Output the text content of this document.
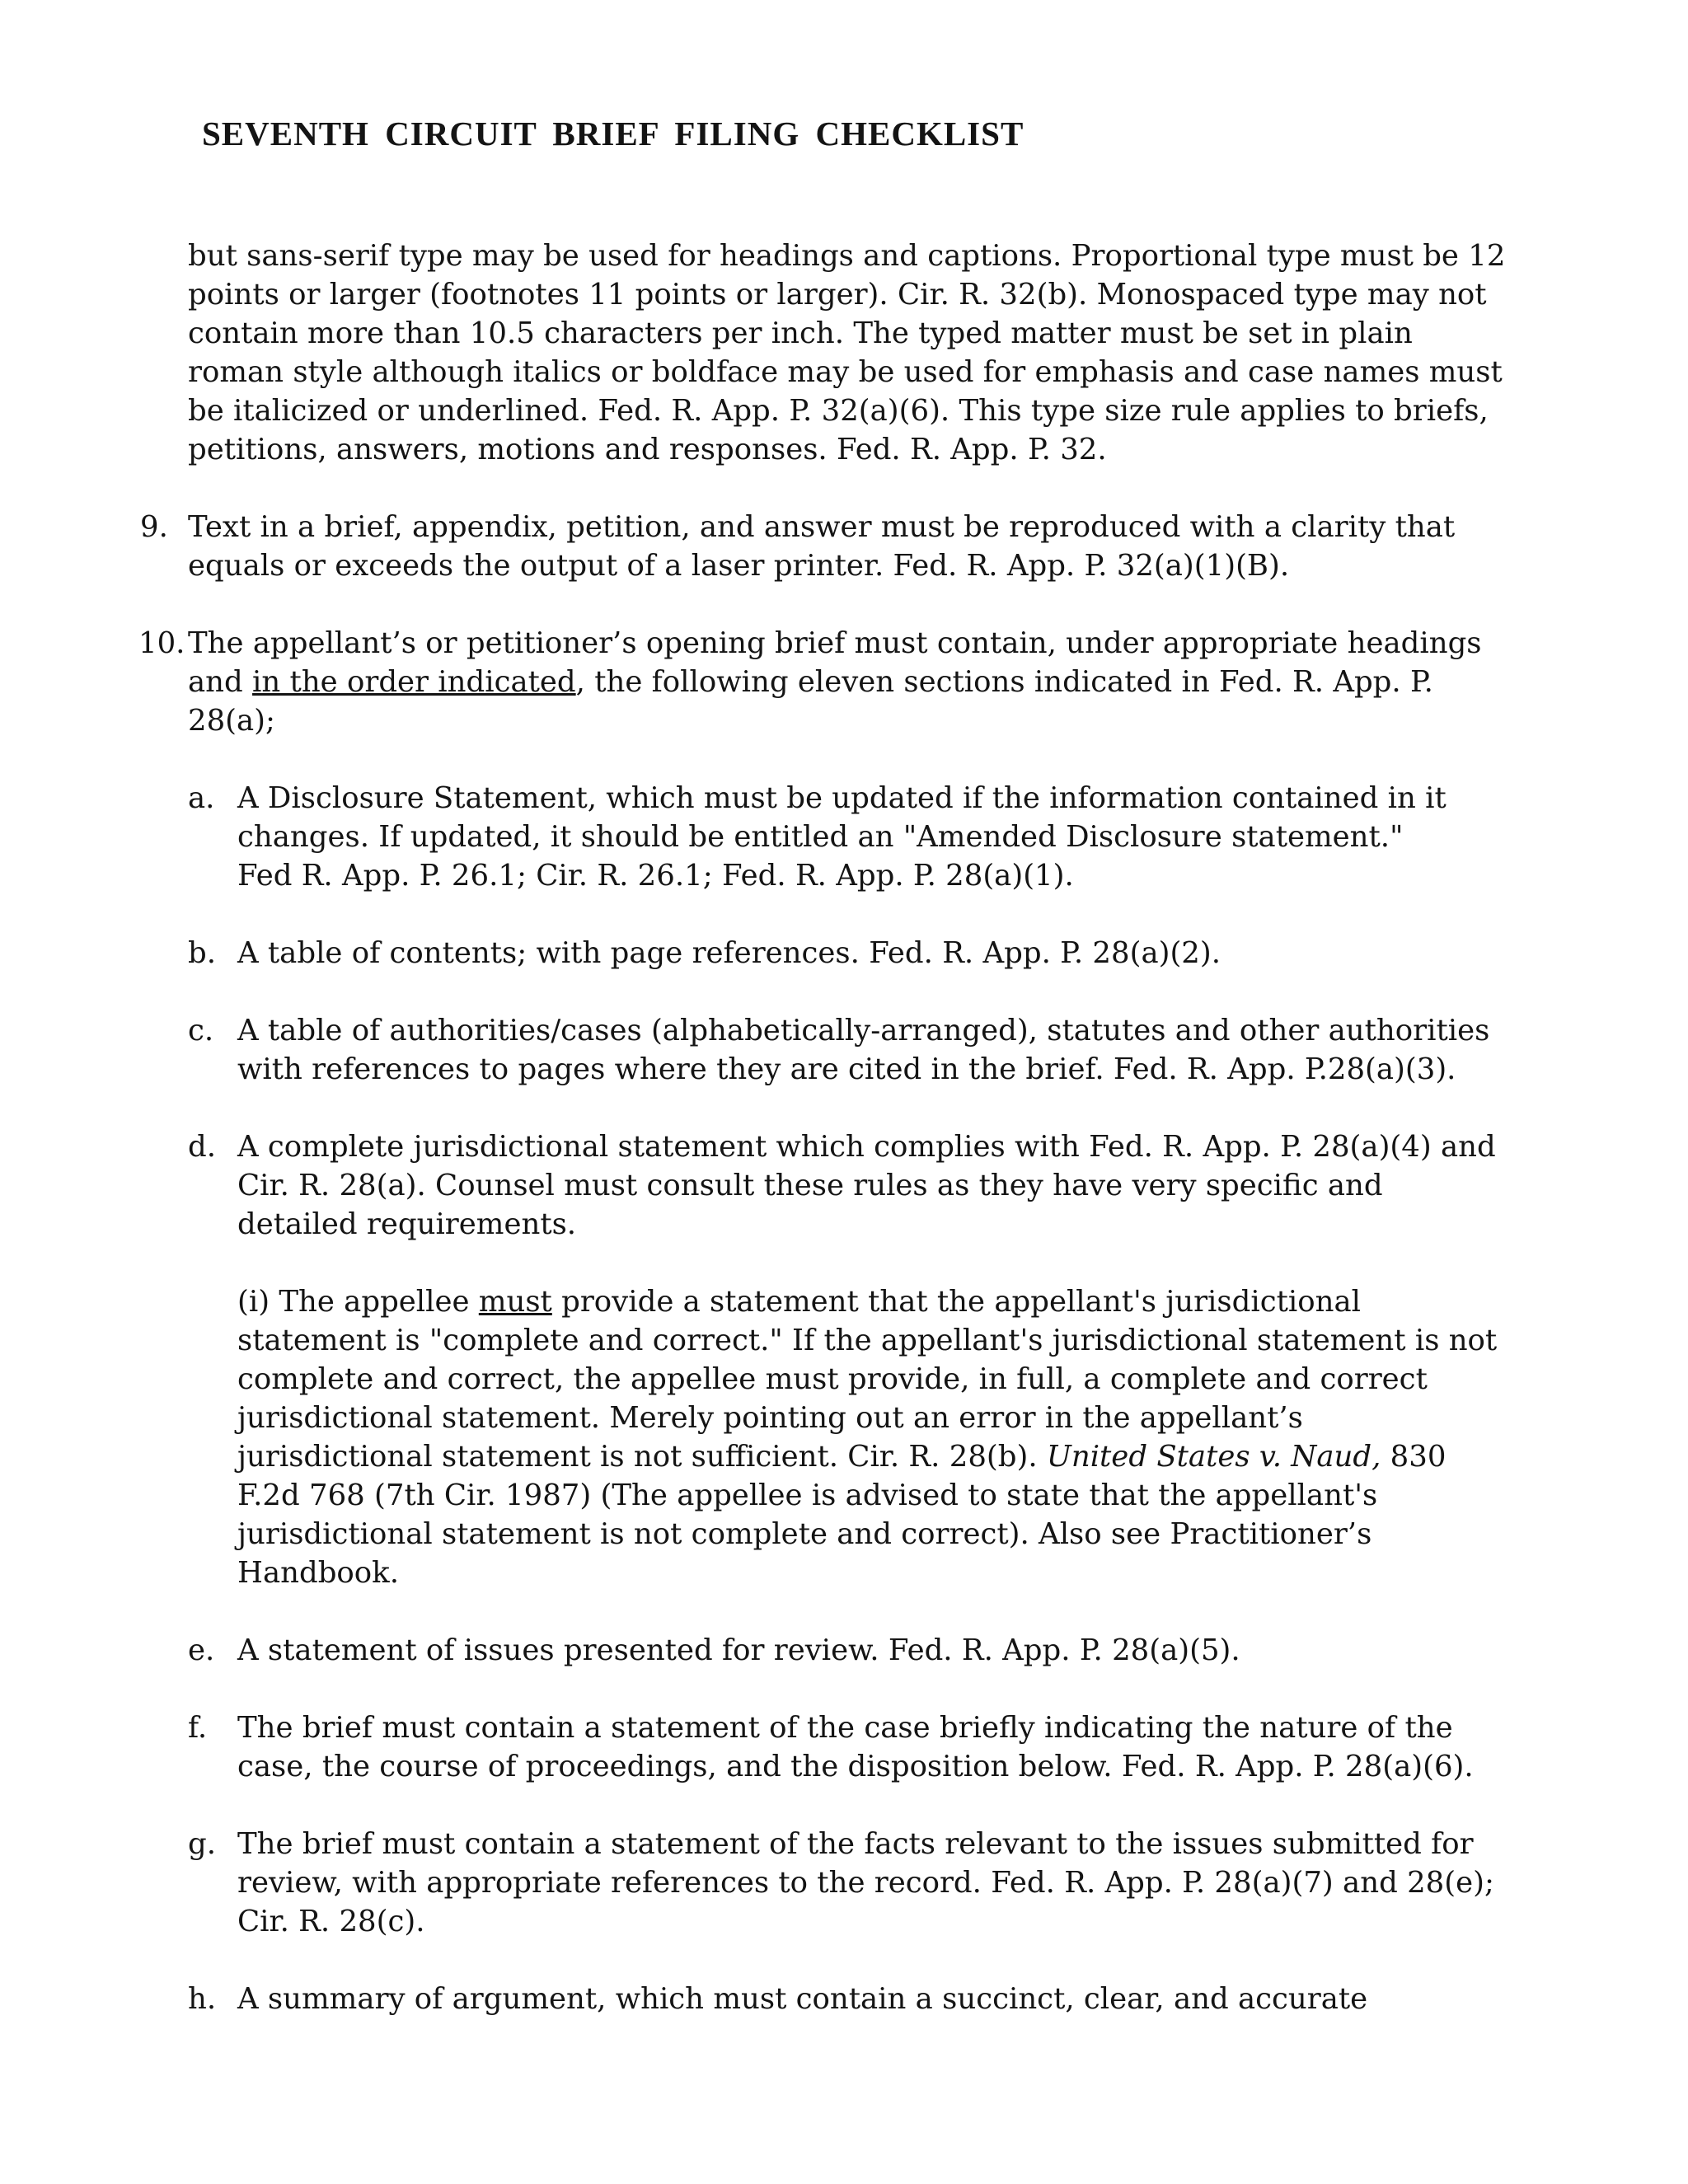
SEVENTH CIRCUIT BRIEF FILING CHECKLIST
but sans-serif type may be used for headings and captions. Proportional type must be 12
points or larger (footnotes 11 points or larger). Cir. R. 32(b). Monospaced type may not
contain more than 10.5 characters per inch. The typed matter must be set in plain
roman style although italics or boldface may be used for emphasis and case names must
be italicized or underlined. Fed. R. App. P. 32(a)(6). This type size rule applies to briefs,
petitions, answers, motions and responses. Fed. R. App. P. 32.
9. Text in a brief, appendix, petition, and answer must be reproduced with a clarity that
equals or exceeds the output of a laser printer. Fed. R. App. P. 32(a)(1)(B).
10. The appellant’s or petitioner’s opening brief must contain, under appropriate headings
and in the order indicated, the following eleven sections indicated in Fed. R. App. P.
28(a);
a. A Disclosure Statement, which must be updated if the information contained in it
changes. If updated, it should be entitled an "Amended Disclosure statement."
Fed R. App. P. 26.1; Cir. R. 26.1; Fed. R. App. P. 28(a)(1).
b. A table of contents; with page references. Fed. R. App. P. 28(a)(2).
c. A table of authorities/cases (alphabetically-arranged), statutes and other authorities
with references to pages where they are cited in the brief. Fed. R. App. P.28(a)(3).
d. A complete jurisdictional statement which complies with Fed. R. App. P. 28(a)(4) and
Cir. R. 28(a). Counsel must consult these rules as they have very specific and
detailed requirements.
(i) The appellee must provide a statement that the appellant's jurisdictional
statement is "complete and correct." If the appellant's jurisdictional statement is not
complete and correct, the appellee must provide, in full, a complete and correct
jurisdictional statement. Merely pointing out an error in the appellant’s
jurisdictional statement is not sufficient. Cir. R. 28(b). United States v. Naud, 830
F.2d 768 (7th Cir. 1987) (The appellee is advised to state that the appellant's
jurisdictional statement is not complete and correct). Also see Practitioner’s
Handbook.
e. A statement of issues presented for review. Fed. R. App. P. 28(a)(5).
f. The brief must contain a statement of the case briefly indicating the nature of the
case, the course of proceedings, and the disposition below. Fed. R. App. P. 28(a)(6).
g. The brief must contain a statement of the facts relevant to the issues submitted for
review, with appropriate references to the record. Fed. R. App. P. 28(a)(7) and 28(e);
Cir. R. 28(c).
h. A summary of argument, which must contain a succinct, clear, and accurate
